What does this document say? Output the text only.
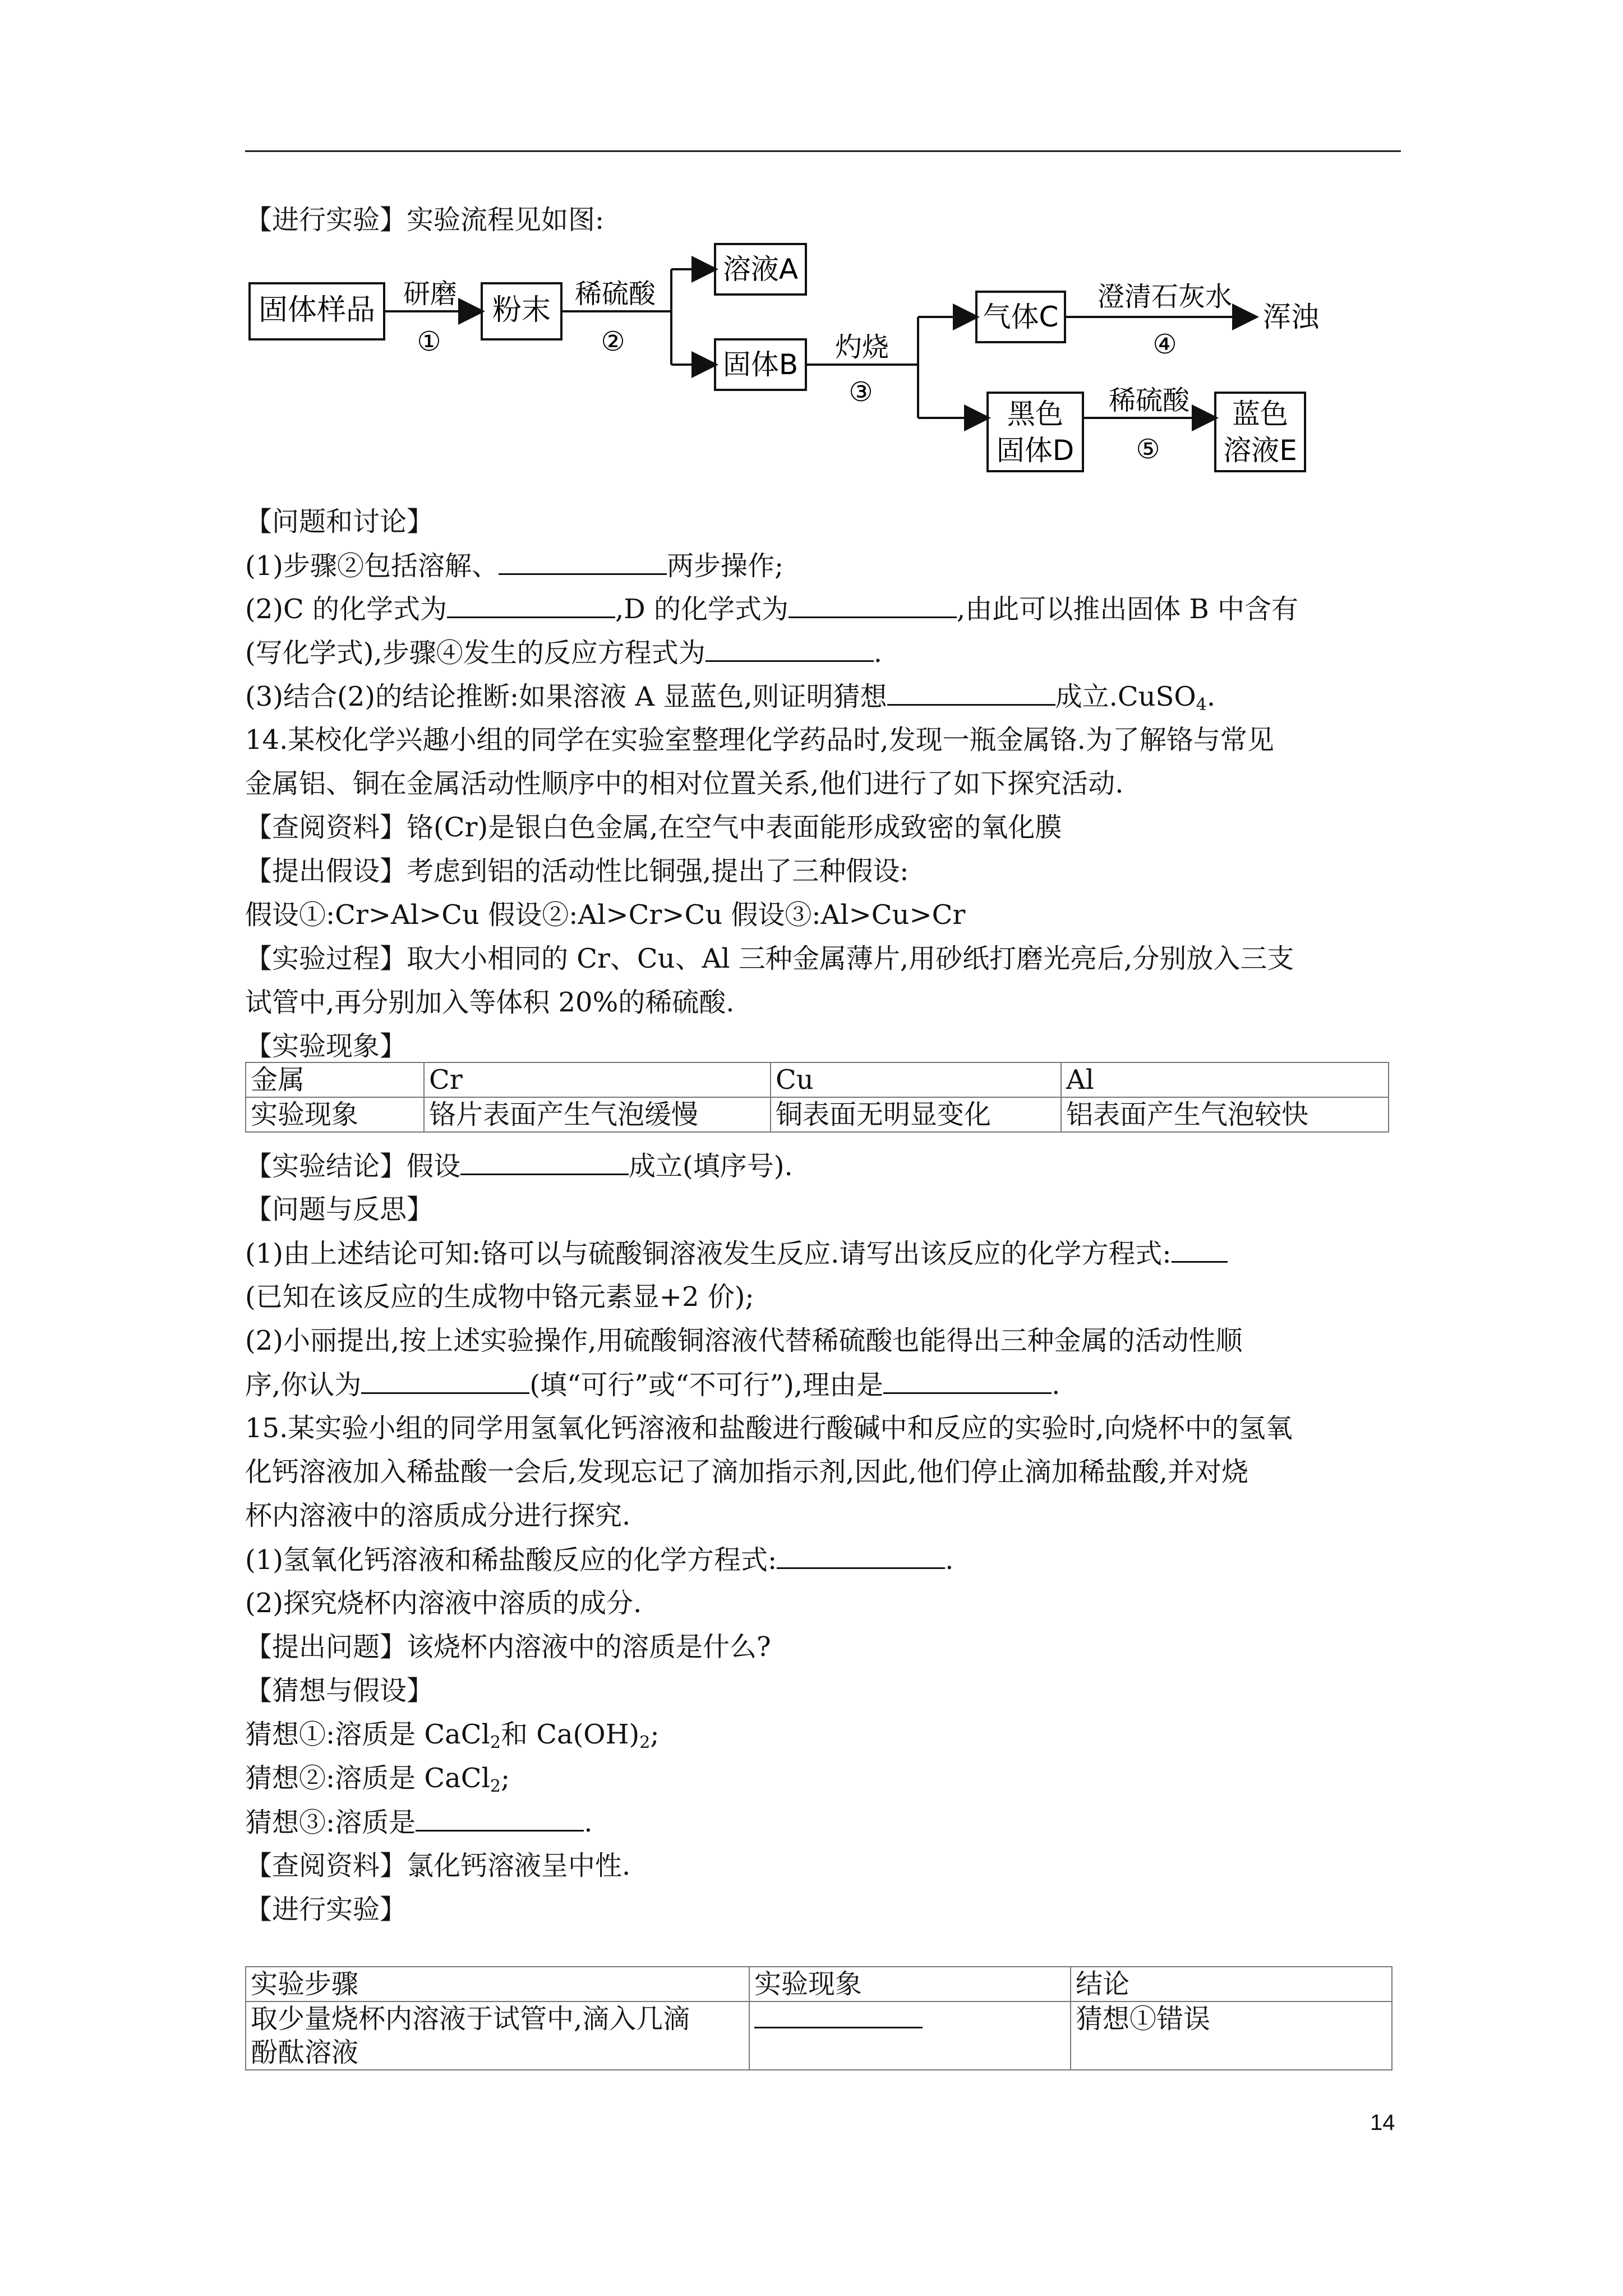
【进行实验】实验流程见如图:
固体样品 研磨
①
粉末 稀硫酸
②
溶液A
固体B
灼烧
③
气体C
澄清石灰水
④
浑浊
黑色
固体D
稀硫酸
⑤
蓝色
溶液E
【问题和讨论】
(1)步骤②包括溶解、	两步操作;
(2)C 的化学式为	,D 的化学式为	,由此可以推出固体 B 中含有
(写化学式),步骤④发生的反应方程式为	.
(3)结合(2)的结论推断:如果溶液 A 显蓝色,则证明猜想	成立.CuSO$_4$.
14.某校化学兴趣小组的同学在实验室整理化学药品时,发现一瓶金属铬.为了解铬与常见
金属铝、铜在金属活动性顺序中的相对位置关系,他们进行了如下探究活动.
【查阅资料】铬(Cr)是银白色金属,在空气中表面能形成致密的氧化膜
【提出假设】考虑到铝的活动性比铜强,提出了三种假设:
假设①:Cr>Al>Cu 假设②:Al>Cr>Cu 假设③:Al>Cu>Cr
【实验过程】取大小相同的 Cr、Cu、Al 三种金属薄片,用砂纸打磨光亮后,分别放入三支
试管中,再分别加入等体积 20%的稀硫酸.
【实验现象】
金属	Cr	Cu	Al
实验现象	铬片表面产生气泡缓慢	铜表面无明显变化	铝表面产生气泡较快
【实验结论】假设	成立(填序号).
【问题与反思】
(1)由上述结论可知:铬可以与硫酸铜溶液发生反应.请写出该反应的化学方程式:
(已知在该反应的生成物中铬元素显+2 价);
(2)小丽提出,按上述实验操作,用硫酸铜溶液代替稀硫酸也能得出三种金属的活动性顺
序,你认为	(填“可行”或“不可行”),理由是	.
15.某实验小组的同学用氢氧化钙溶液和盐酸进行酸碱中和反应的实验时,向烧杯中的氢氧
化钙溶液加入稀盐酸一会后,发现忘记了滴加指示剂,因此,他们停止滴加稀盐酸,并对烧
杯内溶液中的溶质成分进行探究.
(1)氢氧化钙溶液和稀盐酸反应的化学方程式:	.
(2)探究烧杯内溶液中溶质的成分.
【提出问题】该烧杯内溶液中的溶质是什么?
【猜想与假设】
猜想①:溶质是 CaCl$_2$和 $Ca(OH)_2$;
猜想②:溶质是 CaCl$_2$;
猜想③:溶质是	.
【查阅资料】氯化钙溶液呈中性.
【进行实验】
实验步骤	实验现象	结论

取少量烧杯内溶液于试管中,滴入几滴
酚酞溶液		猜想①错误
14
